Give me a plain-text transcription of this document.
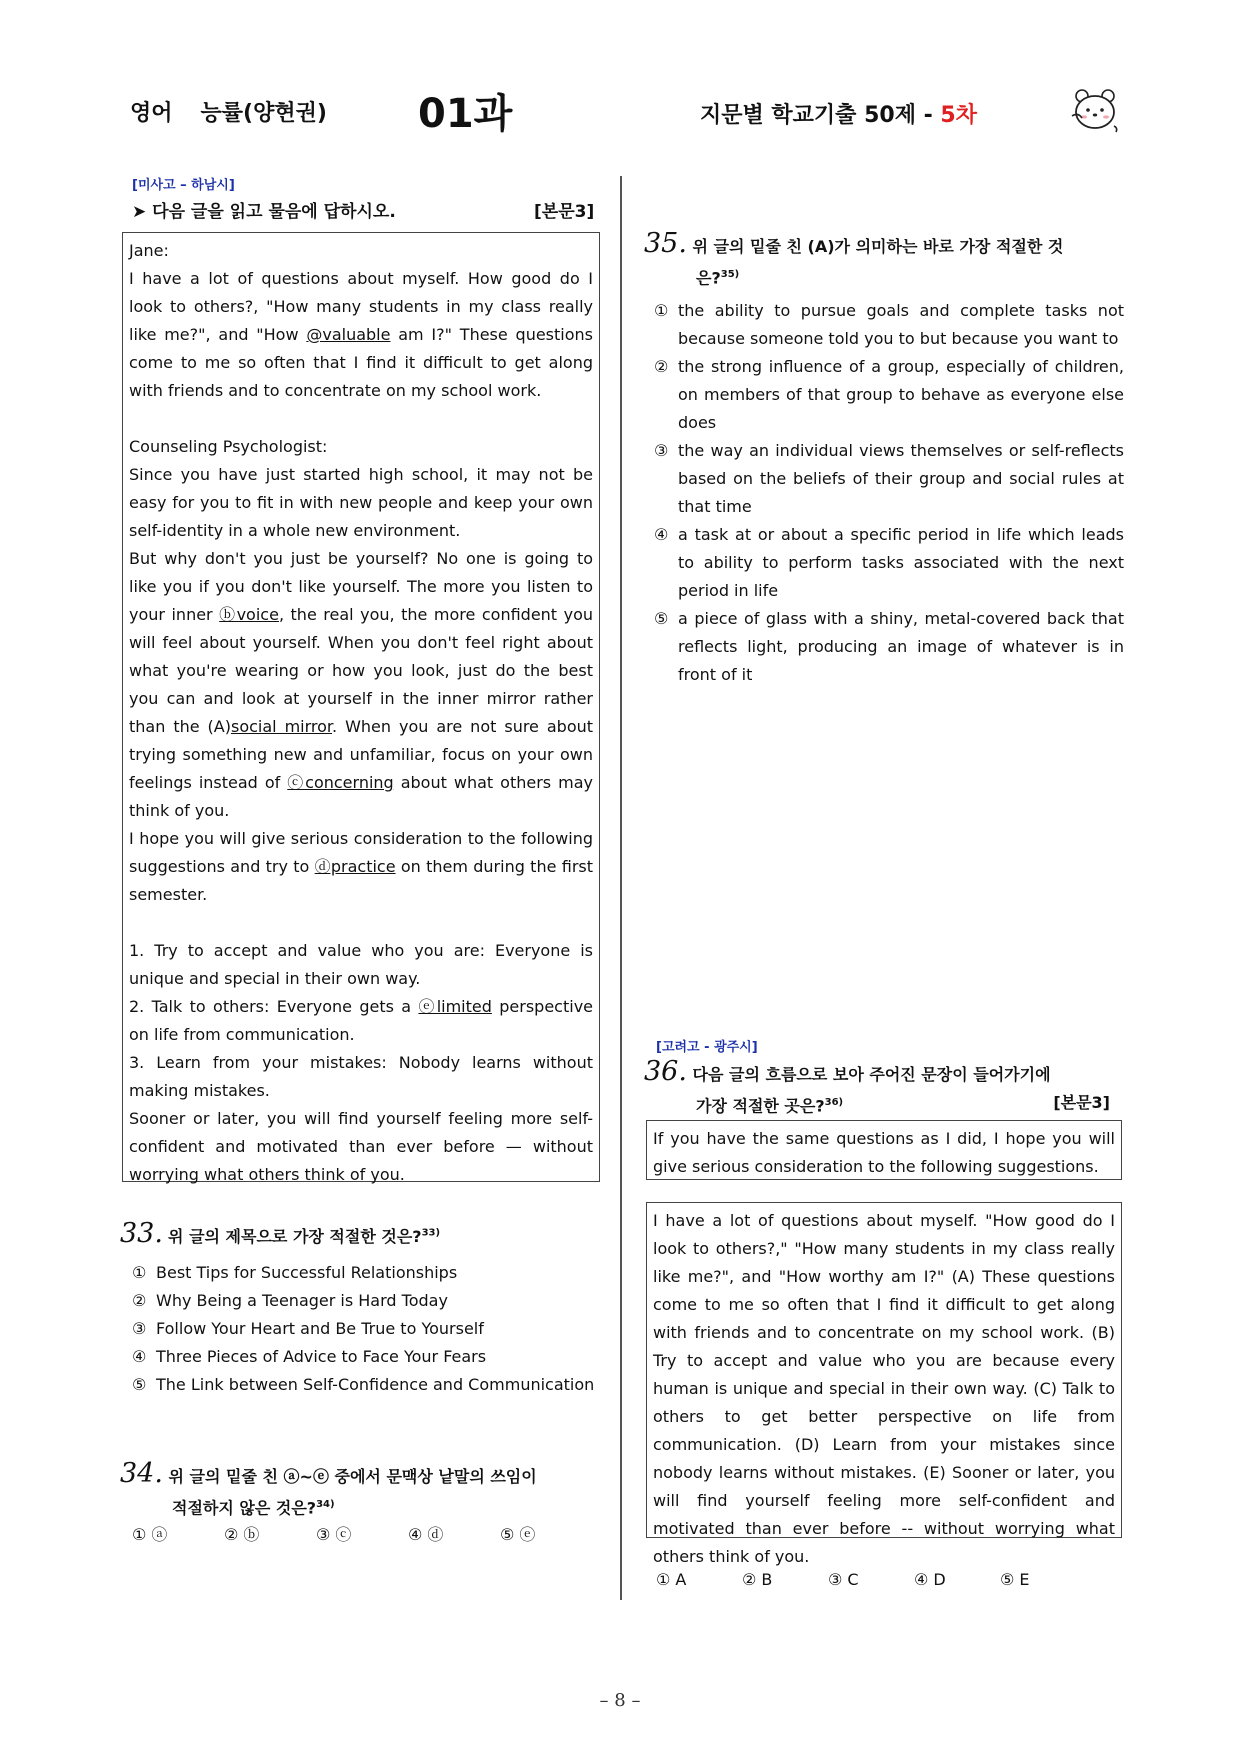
영어 능률(양현권)	01과	지문별 학교기출 50제 - 5차
[미사고 – 하남시]
➤ 다음 글을 읽고 물음에 답하시오.	[본문3]

Jane:

I have a lot of questions about myself. How good do I look to others?, "How many students in my class really like me?", and "How @valuable am I?" These questions come to me so often that I find it difficult to get along with friends and to concentrate on my school work.

Counseling Psychologist:

Since you have just started high school, it may not be easy for you to fit in with new people and keep your own self-identity in a whole new environment.

But why don't you just be yourself? No one is going to like you if you don't like yourself. The more you listen to your inner ⓑvoice, the real you, the more confident you will feel about yourself. When you don't feel right about what you're wearing or how you look, just do the best you can and look at yourself in the inner mirror rather than the (A)social mirror. When you are not sure about trying something new and unfamiliar, focus on your own feelings instead of ⓒconcerning about what others may think of you.

I hope you will give serious consideration to the following suggestions and try to ⓓpractice on them during the first semester.

1. Try to accept and value who you are: Everyone is unique and special in their own way.

2. Talk to others: Everyone gets a ⓔlimited perspective on life from communication.

3. Learn from your mistakes: Nobody learns without making mistakes.

Sooner or later, you will find yourself feeling more self-confident and motivated than ever before — without worrying what others think of you.

33. 위 글의 제목으로 가장 적절한 것은?$^{33)}$
① Best Tips for Successful Relationships
② Why Being a Teenager is Hard Today
③ Follow Your Heart and Be True to Yourself
④ Three Pieces of Advice to Face Your Fears
⑤ The Link between Self-Confidence and Communication
34. 위 글의 밑줄 친 ⓐ~ⓔ 중에서 문맥상 낱말의 쓰임이
적절하지 않은 것은?$^{34)}$
① ⓐ	② ⓑ	③ ⓒ	④ ⓓ	⑤ ⓔ
35. 위 글의 밑줄 친 (A)가 의미하는 바로 가장 적절한 것
은?$^{35)}$
① the ability to pursue goals and complete tasks not because someone told you to but because you want to
② the strong influence of a group, especially of children, on members of that group to behave as everyone else does
③ the way an individual views themselves or self-reflects based on the beliefs of their group and social rules at that time
④ a task at or about a specific period in life which leads to ability to perform tasks associated with the next period in life
⑤ a piece of glass with a shiny, metal-covered back that reflects light, producing an image of whatever is in front of it
[고려고 - 광주시]
36. 다음 글의 흐름으로 보아 주어진 문장이 들어가기에
가장 적절한 곳은?$^{36)}$	[본문3]

If you have the same questions as I did, I hope you will give serious consideration to the following suggestions.

I have a lot of questions about myself. "How good do I look to others?," "How many students in my class really like me?", and "How worthy am I?" (A) These questions come to me so often that I find it difficult to get along with friends and to concentrate on my school work. (B) Try to accept and value who you are because every human is unique and special in their own way. (C) Talk to others to get better perspective on life from communication. (D) Learn from your mistakes since nobody learns without mistakes. (E) Sooner or later, you will find yourself feeling more self-confident and motivated than ever before -- without worrying what others think of you.

① A	② B	③ C	④ D	⑤ E
– 8 –
